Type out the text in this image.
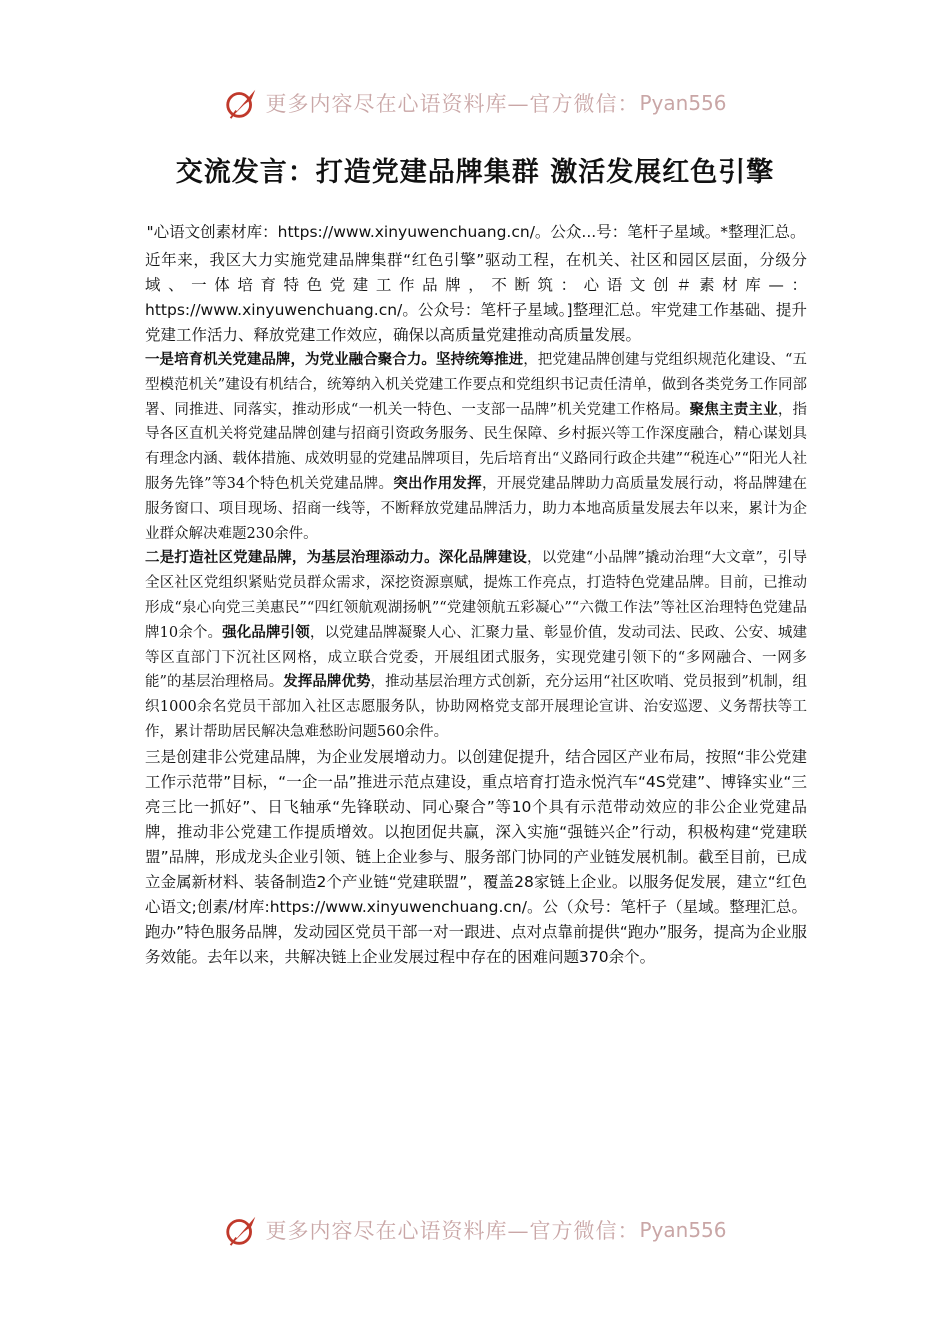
更多内容尽在心语资料库—官方微信： Pyan556
交流发言：打造党建品牌集群 激活发展红色引擎

"心语文创素材库：https://www.xinyuwenchuang.cn/。公众...号：笔杆子星域。*整理汇总。

近年来，我区大力实施党建品牌集群“红色引擎”驱动工程，在机关、社区和园区层面，分级分域、一体培育特色党建工作品牌，不断筑：心语文创＃素材库—：https://www.xinyuwenchuang.cn/。公众号：笔杆子星域。]整理汇总。牢党建工作基础、提升党建工作活力、释放党建工作效应，确保以高质量党建推动高质量发展。

一是培育机关党建品牌，为党业融合聚合力。坚持统筹推进，把党建品牌创建与党组织规范化建设、“五型模范机关”建设有机结合，统筹纳入机关党建工作要点和党组织书记责任清单，做到各类党务工作同部署、同推进、同落实，推动形成“一机关一特色、一支部一品牌”机关党建工作格局。聚焦主责主业，指导各区直机关将党建品牌创建与招商引资政务服务、民生保障、乡村振兴等工作深度融合，精心谋划具有理念内涵、载体措施、成效明显的党建品牌项目，先后培育出“义路同行政企共建”“税连心”“阳光人社服务先锋”等34个特色机关党建品牌。突出作用发挥，开展党建品牌助力高质量发展行动，将品牌建在服务窗口、项目现场、招商一线等，不断释放党建品牌活力，助力本地高质量发展去年以来，累计为企业群众解决难题230余件。

二是打造社区党建品牌，为基层治理添动力。深化品牌建设，以党建“小品牌”撬动治理“大文章”，引导全区社区党组织紧贴党员群众需求，深挖资源禀赋，提炼工作亮点，打造特色党建品牌。目前，已推动形成“泉心向党三美惠民”“四红领航观湖扬帆”“党建领航五彩凝心”“六微工作法”等社区治理特色党建品牌10余个。强化品牌引领，以党建品牌凝聚人心、汇聚力量、彰显价值，发动司法、民政、公安、城建等区直部门下沉社区网格，成立联合党委，开展组团式服务，实现党建引领下的“多网融合、一网多能”的基层治理格局。发挥品牌优势，推动基层治理方式创新，充分运用“社区吹哨、党员报到”机制，组织1000余名党员干部加入社区志愿服务队，协助网格党支部开展理论宣讲、治安巡逻、义务帮扶等工作，累计帮助居民解决急难愁盼问题560余件。

三是创建非公党建品牌，为企业发展增动力。以创建促提升，结合园区产业布局，按照“非公党建工作示范带”目标，“一企一品”推进示范点建设，重点培育打造永悦汽车“4S党建”、博锋实业“三亮三比一抓好”、日飞轴承“先锋联动、同心聚合”等10个具有示范带动效应的非公企业党建品牌，推动非公党建工作提质增效。以抱团促共赢，深入实施“强链兴企”行动，积极构建“党建联盟”品牌，形成龙头企业引领、链上企业参与、服务部门协同的产业链发展机制。截至目前，已成立金属新材料、装备制造2个产业链“党建联盟”，覆盖28家链上企业。以服务促发展，建立“红色心语文;创素/材库:https://www.xinyuwenchuang.cn/。公（众号：笔杆子（星域。整理汇总。跑办”特色服务品牌，发动园区党员干部一对一跟进、点对点靠前提供“跑办”服务，提高为企业服务效能。去年以来，共解决链上企业发展过程中存在的困难问题370余个。

更多内容尽在心语资料库—官方微信： Pyan556
